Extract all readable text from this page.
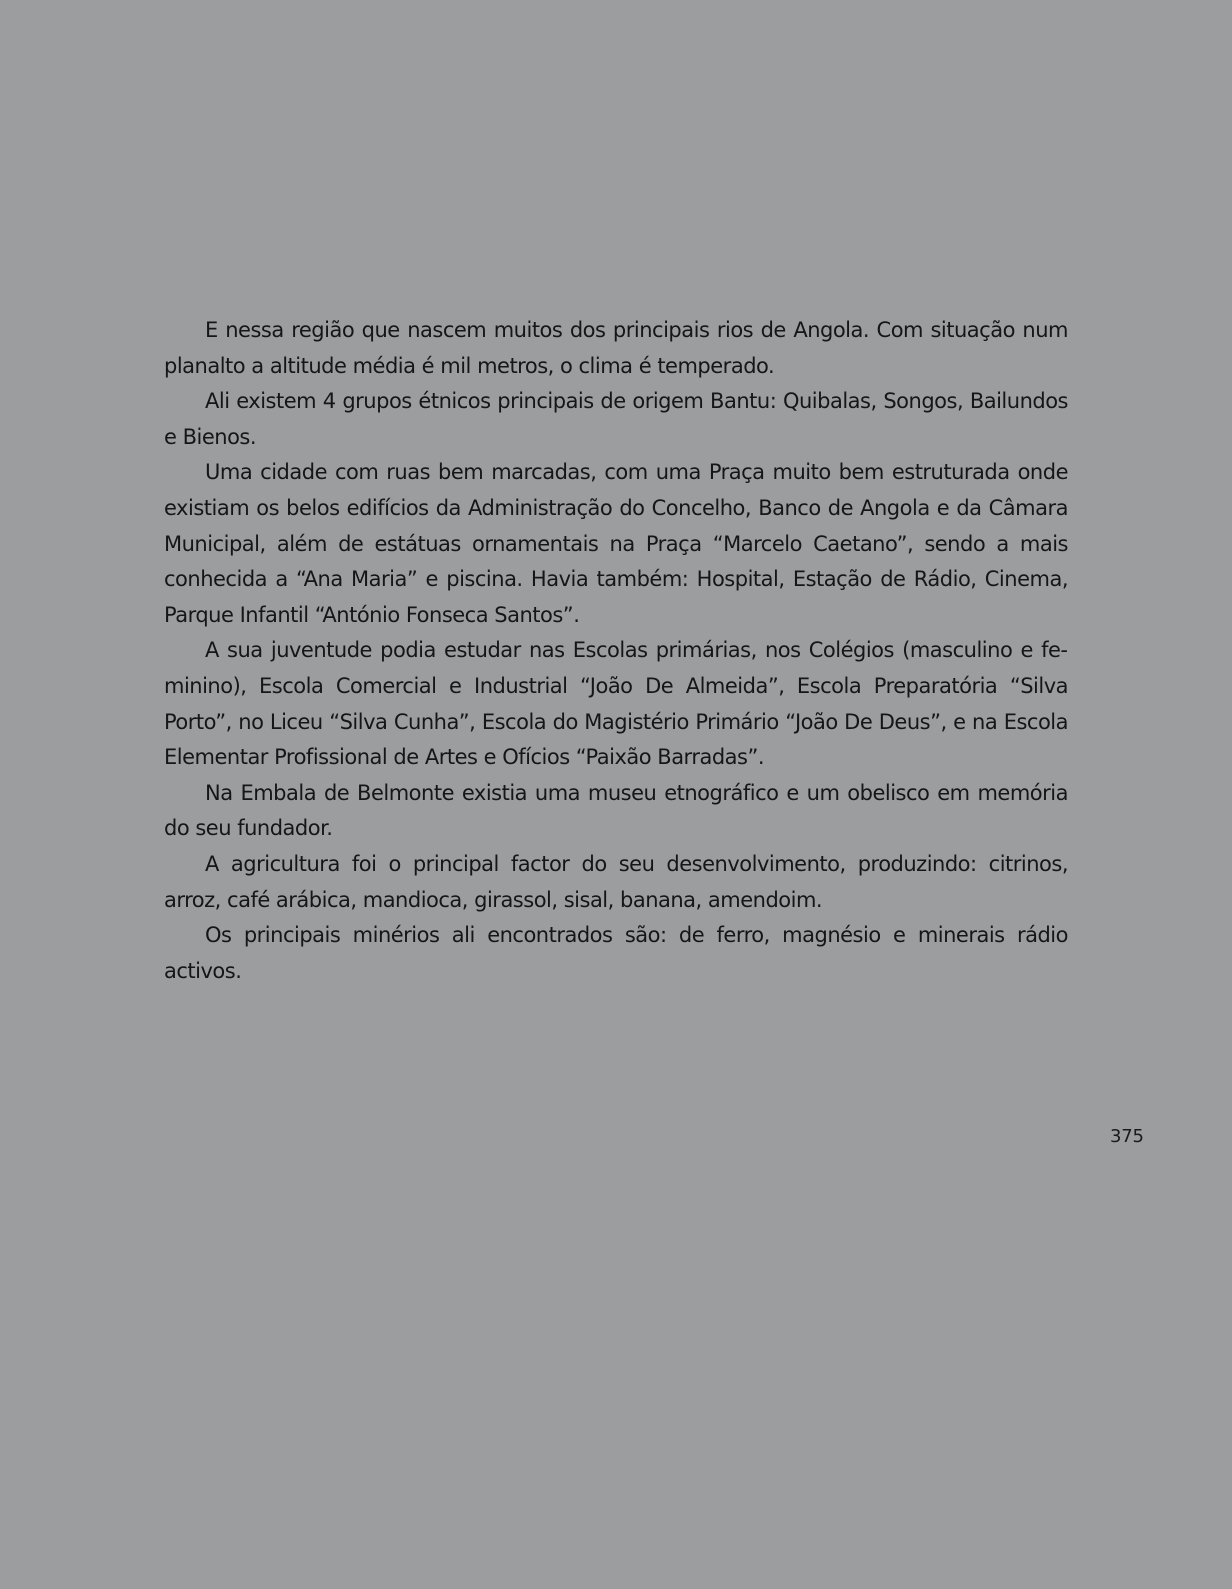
E nessa região que nascem muitos dos principais rios de Angola. Com situação num planalto a altitude média é mil metros, o clima é temperado.

Ali existem 4 grupos étnicos principais de origem Bantu: Quibalas, Songos, Bailundos e Bienos.

Uma cidade com ruas bem marcadas, com uma Praça muito bem estruturada onde existiam os belos edifícios da Administração do Concelho, Banco de Angola e da Câmara Municipal, além de estátuas ornamentais na Praça “Marcelo Caetano”, sendo a mais conhecida a “Ana Maria” e piscina. Havia também: Hospital, Estação de Rádio, Cinema, Parque Infantil “António Fonseca Santos”.

A sua juventude podia estudar nas Escolas primárias, nos Colégios (masculino e feminino), Escola Comercial e Industrial “João De Almeida”, Escola Preparatória “Silva Porto”, no Liceu “Silva Cunha”, Escola do Magistério Primário “João De Deus”, e na Escola Elementar Profissional de Artes e Ofícios “Paixão Barradas”.

Na Embala de Belmonte existia uma museu etnográfico e um obelisco em memória do seu fundador.

A agricultura foi o principal factor do seu desenvolvimento, produzindo: citrinos, arroz, café arábica, mandioca, girassol, sisal, banana, amendoim.

Os principais minérios ali encontrados são: de ferro, magnésio e minerais rádio activos.

375
